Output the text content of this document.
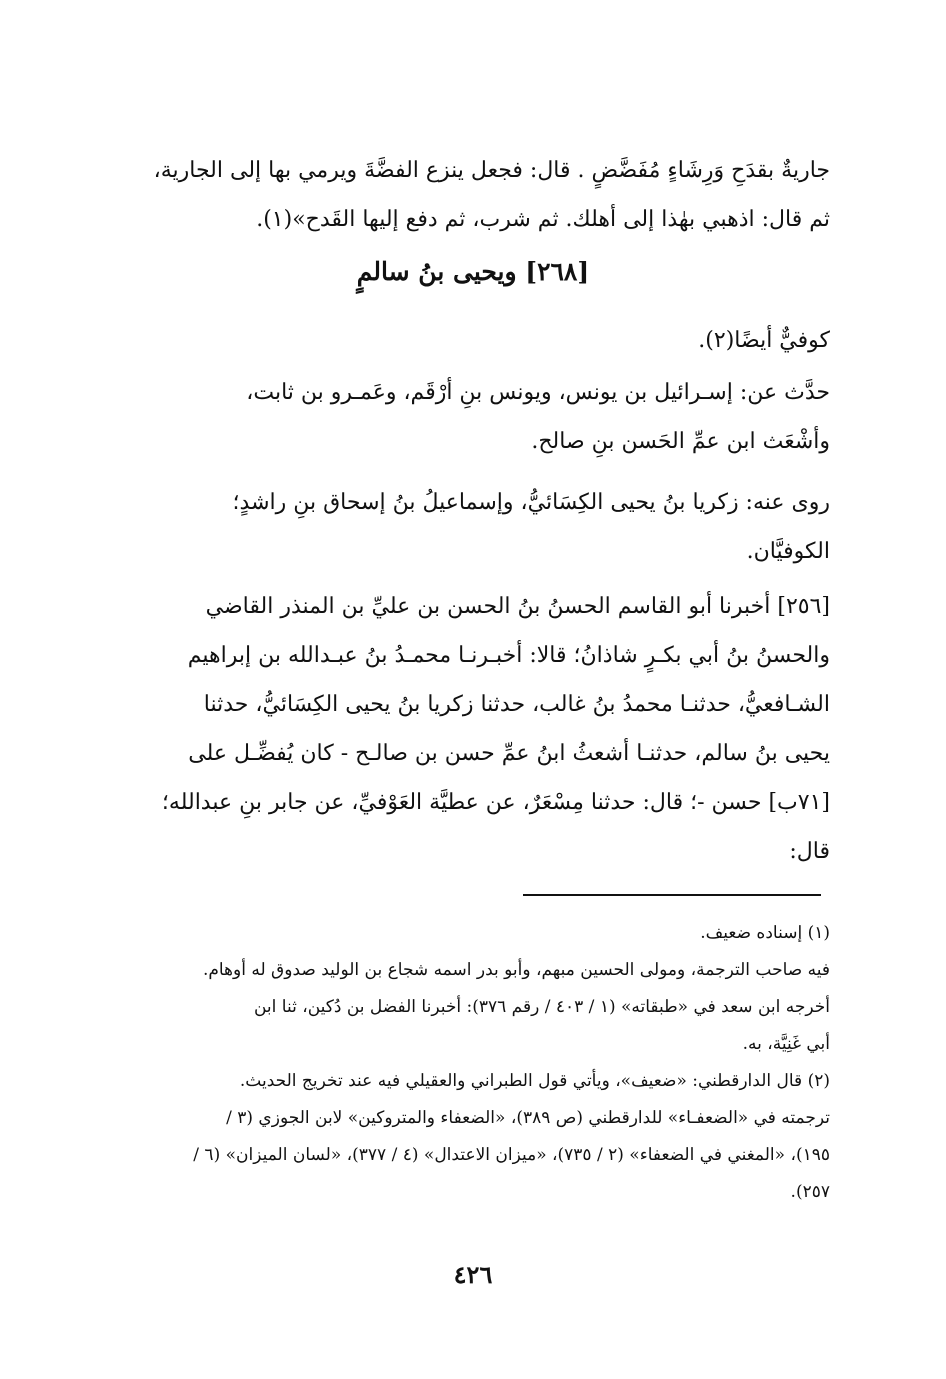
جاريةٌ بقدَحِ وَرِشَاءٍ مُفَضَّضٍ . قال: فجعل ينزع الفضَّةَ ويرمي بها إلى الجارية،
ثم قال: اذهبي بهٰذا إلى أهلك. ثم شرب، ثم دفع إليها القَدح»(١).
[٢٦٨] ويحيى بنُ سالمٍ
كوفيٌّ أيضًا(٢).
حدَّث عن: إسـرائيل بن يونس، ويونس بنِ أرْقَم، وعَمـرو بن ثابت،
وأشْعَث ابن عمِّ الحَسن بنِ صالح.
روى عنه: زكريا بنُ يحيى الكِسَائيُّ، وإسماعيلُ بنُ إسحاق بنِ راشدٍ؛
الكوفيَّان.
[٢٥٦] أخبرنا أبو القاسم الحسنُ بنُ الحسن بن عليِّ بن المنذر القاضي
والحسنُ بنُ أبي بكـرٍ شاذانُ؛ قالا: أخبـرنـا محمـدُ بنُ عبـدالله بن إبراهيم
الشـافعيُّ، حدثنـا محمدُ بنُ غالب، حدثنا زكريا بنُ يحيى الكِسَائيُّ، حدثنا
يحيى بنُ سالم، حدثنـا أشعثُ ابنُ عمِّ حسن بن صالـح - كان يُفضِّـل على
[٧١ب] حسن -؛ قال: حدثنا مِسْعَرٌ، عن عطيَّة العَوْفيِّ، عن جابر بنِ عبدالله؛
قال:
(١) إسناده ضعيف.
فيه صاحب الترجمة، ومولى الحسين مبهم، وأبو بدر اسمه شجاع بن الوليد صدوق له أوهام.
أخرجه ابن سعد في «طبقاته» (١ / ٤٠٣ / رقم ٣٧٦): أخبرنا الفضل بن دُكين، ثنا ابن
أبي غَنِيَّة، به.
(٢) قال الدارقطني: «ضعيف»، ويأتي قول الطبراني والعقيلي فيه عند تخريج الحديث.
ترجمته في «الضعفـاء» للدارقطني (ص ٣٨٩)، «الضعفاء والمتروكين» لابن الجوزي (٣ /
١٩٥)، «المغني في الضعفاء» (٢ / ٧٣٥)، «ميزان الاعتدال» (٤ / ٣٧٧)، «لسان الميزان» (٦ /
٢٥٧).
٤٢٦
